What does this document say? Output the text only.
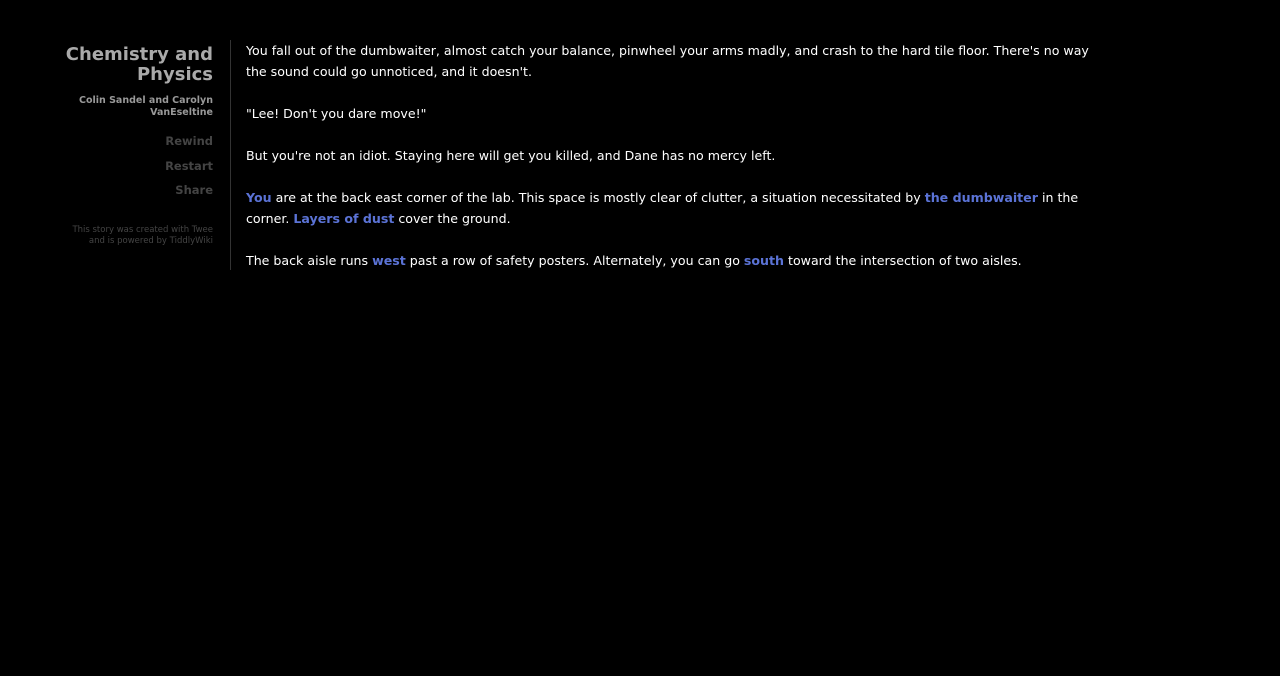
Chemistry and Physics
Colin Sandel and Carolyn VanEseltine
Rewind
Restart
Share
This story was created with Twee and is powered by TiddlyWiki

You fall out of the dumbwaiter, almost catch your balance, pinwheel your arms madly, and crash to the hard tile floor. There's no way the sound could go unnoticed, and it doesn't.

"Lee! Don't you dare move!"

But you're not an idiot. Staying here will get you killed, and Dane has no mercy left.

You are at the back east corner of the lab. This space is mostly clear of clutter, a situation necessitated by the dumbwaiter in the corner. Layers of dust cover the ground.

The back aisle runs west past a row of safety posters. Alternately, you can go south toward the intersection of two aisles.
